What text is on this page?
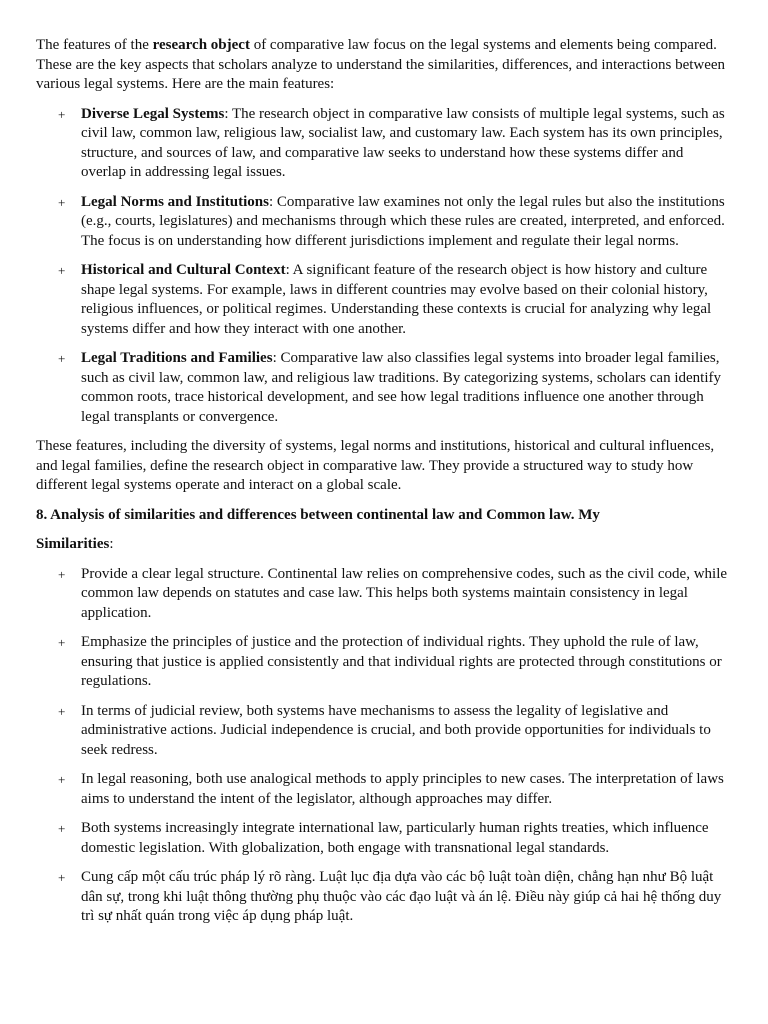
The features of the research object of comparative law focus on the legal systems and elements being compared. These are the key aspects that scholars analyze to understand the similarities, differences, and interactions between various legal systems. Here are the main features:

+ Diverse Legal Systems: The research object in comparative law consists of multiple legal systems, such as civil law, common law, religious law, socialist law, and customary law. Each system has its own principles, structure, and sources of law, and comparative law seeks to understand how these systems differ and overlap in addressing legal issues.
+ Legal Norms and Institutions: Comparative law examines not only the legal rules but also the institutions (e.g., courts, legislatures) and mechanisms through which these rules are created, interpreted, and enforced. The focus is on understanding how different jurisdictions implement and regulate their legal norms.
+ Historical and Cultural Context: A significant feature of the research object is how history and culture shape legal systems. For example, laws in different countries may evolve based on their colonial history, religious influences, or political regimes. Understanding these contexts is crucial for analyzing why legal systems differ and how they interact with one another.
+ Legal Traditions and Families: Comparative law also classifies legal systems into broader legal families, such as civil law, common law, and religious law traditions. By categorizing systems, scholars can identify common roots, trace historical development, and see how legal traditions influence one another through legal transplants or convergence.

These features, including the diversity of systems, legal norms and institutions, historical and cultural influences, and legal families, define the research object in comparative law. They provide a structured way to study how different legal systems operate and interact on a global scale.

8. Analysis of similarities and differences between continental law and Common law. My

Similarities:

+ Provide a clear legal structure. Continental law relies on comprehensive codes, such as the civil code, while common law depends on statutes and case law. This helps both systems maintain consistency in legal application.
+ Emphasize the principles of justice and the protection of individual rights. They uphold the rule of law, ensuring that justice is applied consistently and that individual rights are protected through constitutions or regulations.
+ In terms of judicial review, both systems have mechanisms to assess the legality of legislative and administrative actions. Judicial independence is crucial, and both provide opportunities for individuals to seek redress.
+ In legal reasoning, both use analogical methods to apply principles to new cases. The interpretation of laws aims to understand the intent of the legislator, although approaches may differ.
+ Both systems increasingly integrate international law, particularly human rights treaties, which influence domestic legislation. With globalization, both engage with transnational legal standards.
+ Cung cấp một cấu trúc pháp lý rõ ràng. Luật lục địa dựa vào các bộ luật toàn diện, chẳng hạn như Bộ luật dân sự, trong khi luật thông thường phụ thuộc vào các đạo luật và án lệ. Điều này giúp cả hai hệ thống duy trì sự nhất quán trong việc áp dụng pháp luật.
